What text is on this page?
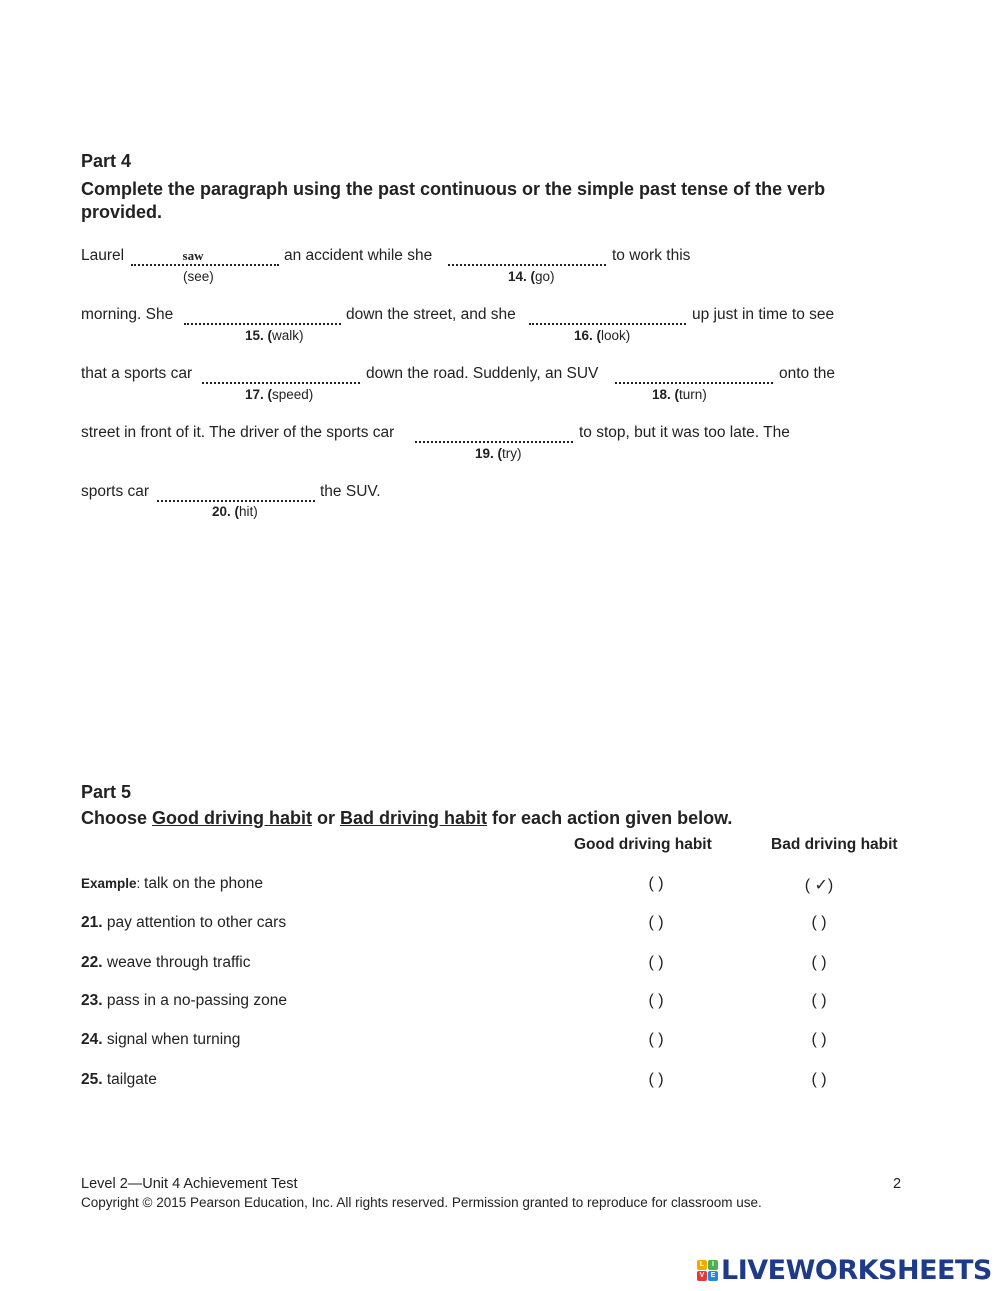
Part 4
Complete the paragraph using the past continuous or the simple past tense of the verb provided.
Laurel	saw	an accident while she	to work this
(see)	14. (go)
morning. She	down the street, and she	up just in time to see
15. (walk)	16. (look)
that a sports car	down the road. Suddenly, an SUV	onto the
17. (speed)	18. (turn)
street in front of it. The driver of the sports car	to stop, but it was too late. The
19. (try)
sports car	the SUV.
20. (hit)
Part 5
Choose Good driving habit or Bad driving habit for each action given below.
Good driving habit	Bad driving habit
Example: talk on the phone	( )	( ✓)
21. pay attention to other cars	( )	( )
22. weave through traffic	( )	( )
23. pass in a no-passing zone	( )	( )
24. signal when turning	( )	( )
25. tailgate	( )	( )
Level 2—Unit 4 Achievement Test	2
Copyright © 2015 Pearson Education, Inc. All rights reserved. Permission granted to reproduce for classroom use.
L	I
V E LIVEWORKSHEETS
